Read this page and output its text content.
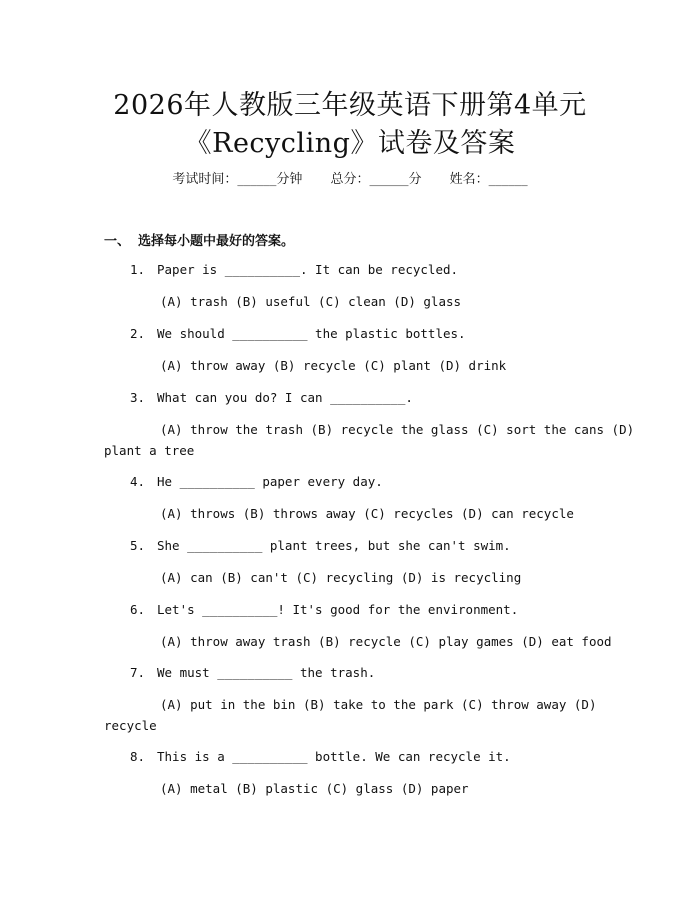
2026年人教版三年级英语下册第4单元
《Recycling》试卷及答案
考试时间：______分钟 总分：______分 姓名：______
一、 选择每小题中最好的答案。
1. Paper is __________. It can be recycled.
(A) trash (B) useful (C) clean (D) glass
2. We should __________ the plastic bottles.
(A) throw away (B) recycle (C) plant (D) drink
3. What can you do? I can __________.
(A) throw the trash (B) recycle the glass (C) sort the cans (D)
plant a tree
4. He __________ paper every day.
(A) throws (B) throws away (C) recycles (D) can recycle
5. She __________ plant trees, but she can't swim.
(A) can (B) can't (C) recycling (D) is recycling
6. Let's __________! It's good for the environment.
(A) throw away trash (B) recycle (C) play games (D) eat food
7. We must __________ the trash.
(A) put in the bin (B) take to the park (C) throw away (D)
recycle
8. This is a __________ bottle. We can recycle it.
(A) metal (B) plastic (C) glass (D) paper
